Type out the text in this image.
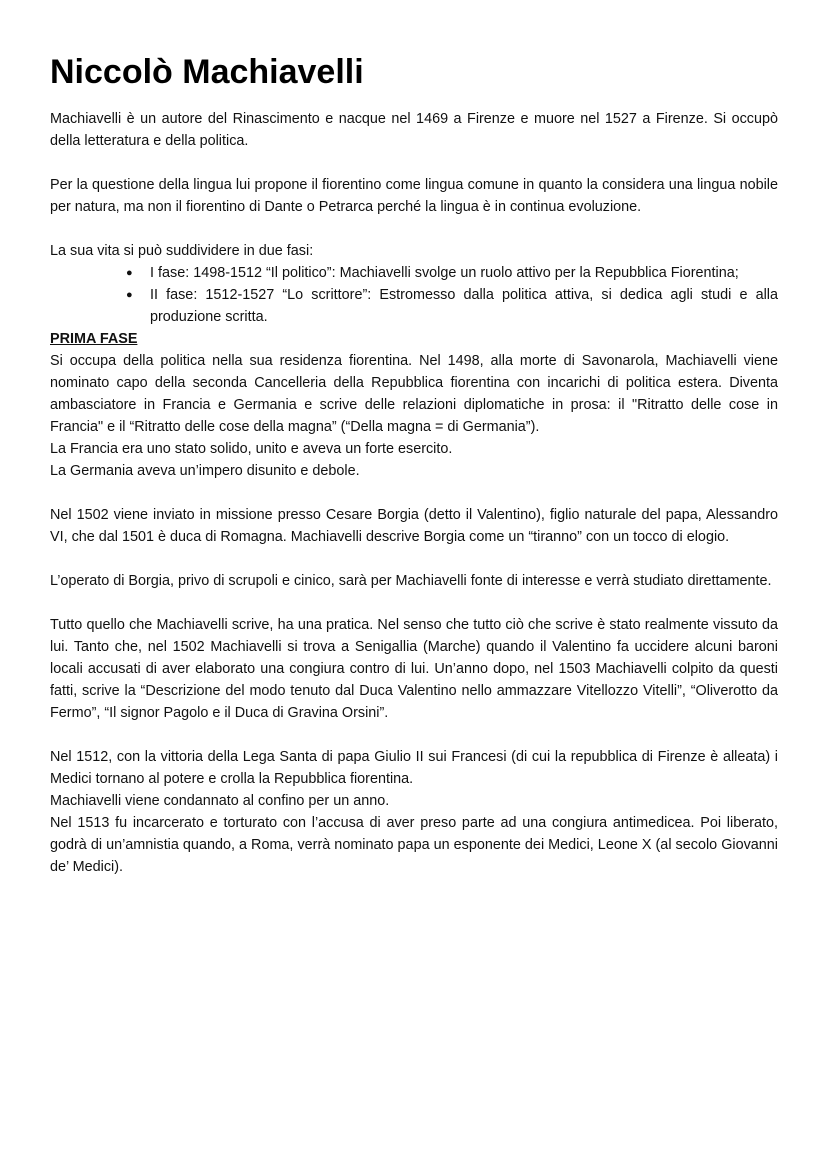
Niccolò Machiavelli

Machiavelli è un autore del Rinascimento e nacque nel 1469 a Firenze e muore nel 1527 a Firenze. Si occupò della letteratura e della politica.

Per la questione della lingua lui propone il fiorentino come lingua comune in quanto la considera una lingua nobile per natura, ma non il fiorentino di Dante o Petrarca perché la lingua è in continua evoluzione.

La sua vita si può suddividere in due fasi:

● I fase: 1498-1512 “Il politico”: Machiavelli svolge un ruolo attivo per la Repubblica Fiorentina;
● II fase: 1512-1527 “Lo scrittore”: Estromesso dalla politica attiva, si dedica agli studi e alla produzione scritta.

PRIMA FASE

Si occupa della politica nella sua residenza fiorentina. Nel 1498, alla morte di Savonarola, Machiavelli viene nominato capo della seconda Cancelleria della Repubblica fiorentina con incarichi di politica estera. Diventa ambasciatore in Francia e Germania e scrive delle relazioni diplomatiche in prosa: il "Ritratto delle cose in Francia" e il “Ritratto delle cose della magna” (“Della magna = di Germania”).

La Francia era uno stato solido, unito e aveva un forte esercito.

La Germania aveva un’impero disunito e debole.

Nel 1502 viene inviato in missione presso Cesare Borgia (detto il Valentino), figlio naturale del papa, Alessandro VI, che dal 1501 è duca di Romagna. Machiavelli descrive Borgia come un “tiranno” con un tocco di elogio.

L’operato di Borgia, privo di scrupoli e cinico, sarà per Machiavelli fonte di interesse e verrà studiato direttamente.

Tutto quello che Machiavelli scrive, ha una pratica. Nel senso che tutto ciò che scrive è stato realmente vissuto da lui. Tanto che, nel 1502 Machiavelli si trova a Senigallia (Marche) quando il Valentino fa uccidere alcuni baroni locali accusati di aver elaborato una congiura contro di lui. Un’anno dopo, nel 1503 Machiavelli colpito da questi fatti, scrive la “Descrizione del modo tenuto dal Duca Valentino nello ammazzare Vitellozzo Vitelli”, “Oliverotto da Fermo”, “Il signor Pagolo e il Duca di Gravina Orsini”.

Nel 1512, con la vittoria della Lega Santa di papa Giulio II sui Francesi (di cui la repubblica di Firenze è alleata) i Medici tornano al potere e crolla la Repubblica fiorentina.

Machiavelli viene condannato al confino per un anno.

Nel 1513 fu incarcerato e torturato con l’accusa di aver preso parte ad una congiura antimedicea. Poi liberato, godrà di un’amnistia quando, a Roma, verrà nominato papa un esponente dei Medici, Leone X (al secolo Giovanni de’ Medici).
